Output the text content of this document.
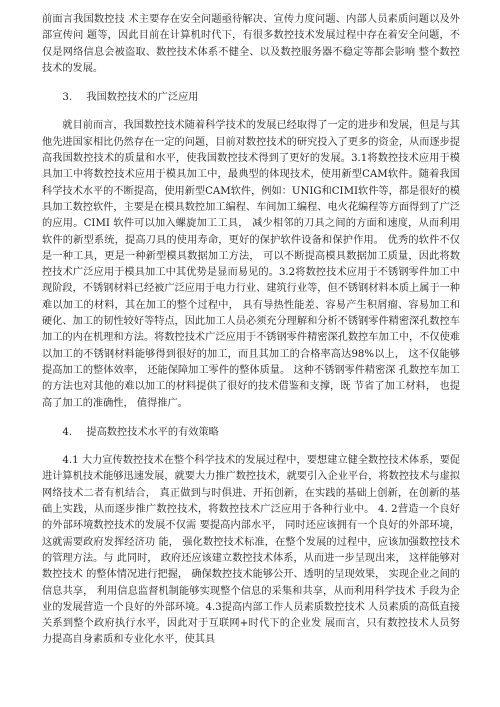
前面言我国数控技 术主要存在安全问题亟待解决、宣传力度问题、内部人员素质问题以及外部宣传问 题等，因此目前在计算机时代下，有很多数控技术发展过程中存在着安全问题，不 仅是网络信息会被盗取、数控技术体系不健全、以及数控服务器不稳定等都会影响 整个数控技术的发展。

3. 我国数控技术的广泛应用

就目前而言，我国数控技术随着科学技术的发展已经取得了一定的进步和发展，但是与其他先进国家相比仍然存在一定的问题，目前对数控技术的研究投入了更多的资金，从而逐步提高我国数控技术的质量和水平，使我国数控技术得到了更好的发展。3.1将数控技术应用于模具加工中将数控技术应用于模具加工中，最典型的体现技术，使用新型CAM软件。随着我国科学技术水平的不断提高，使用新型CAM软件，例如：UNIG和CIMI软件等，都是很好的模具加工数控软件，主要是在模具数控加工编程、车间加工编程、电火花编程等方面得到了广泛的应用。CIMI 软件可以加入螺旋加工工具， 减少相邻的刀具之间的方面和速度，从而利用软件的新型系统，提高刀具的使用寿命，更好的保护软件设备和保护作用。 优秀的软件不仅是一种工具，更是一种新型模具数据加工方法， 可以不断提高模具数据加工质量，因此将数控技术广泛应用于模具加工中其优势是显而易见的。3.2将数控技术应用于不锈钢零件加工中现阶段，不锈钢材料已经被广泛应用于电力行业、建筑行业等，但不锈钢材料本质上属于一种难以加工的材料，其在加工的整个过程中， 具有导热性能差、容易产生积屑瘤、容易加工和硬化、加工的韧性较好等特点，因此加工人员必须充分理解和分析不锈钢零件精密深孔数控车加工的内在机理和方法。将数控技术广泛应用于不锈钢零件精密深孔数控车加工中，不仅使难以加工的不锈钢材料能够得到很好的加工，而且其加工的合格率高达98%以上， 这不仅能够提高加工的整体效率， 还能保障加工零件的整体质量。 这种不锈钢零件精密深 孔数控车加工的方法也对其他的难以加工的材料提供了很好的技术借鉴和支撑，既 节省了加工材料， 也提高了加工的准确性， 值得推广。

4. 提高数控技术水平的有效策略

4.1 大力宣传数控技术在整个科学技术的发展过程中，要想建立健全数控技术体系，要促进计算机技术能够迅速发展，就要大力推广数控技术，就要引入企业平台，将数控技术与虚拟网络技术二者有机结合， 真正做到与时俱进、开拓创新，在实践的基础上创新，在创新的基础上实践，从而逐步推广数控技术，将数控技术广泛应用于各种行业中。 4. 2营造一个良好的外部环境数控技术的发展不仅需 要提高内部水平， 同时还应该拥有一个良好的外部环境， 这就需要政府发挥经济功 能， 强化数控技术标准，在整个发展的过程中，应该加强数控技术的管理方法。与 此同时， 政府还应该建立数控技术体系，从而进一步呈现出来， 这样能够对数控技术 的整体情况进行把握， 确保数控技术能够公开、透明的呈现效果， 实现企业之间的 信息共享， 利用信息监督机制能够实现整个信息的采集和共享，从而利用科学技术 手段为企业的发展营造一个良好的外部环境。4.3提高内部工作人员素质数控技术 人员素质的高低直接关系到整个政府执行水平，因此对于互联网+时代下的企业发 展而言，只有数控技术人员努力提高自身素质和专业化水平，使其具
